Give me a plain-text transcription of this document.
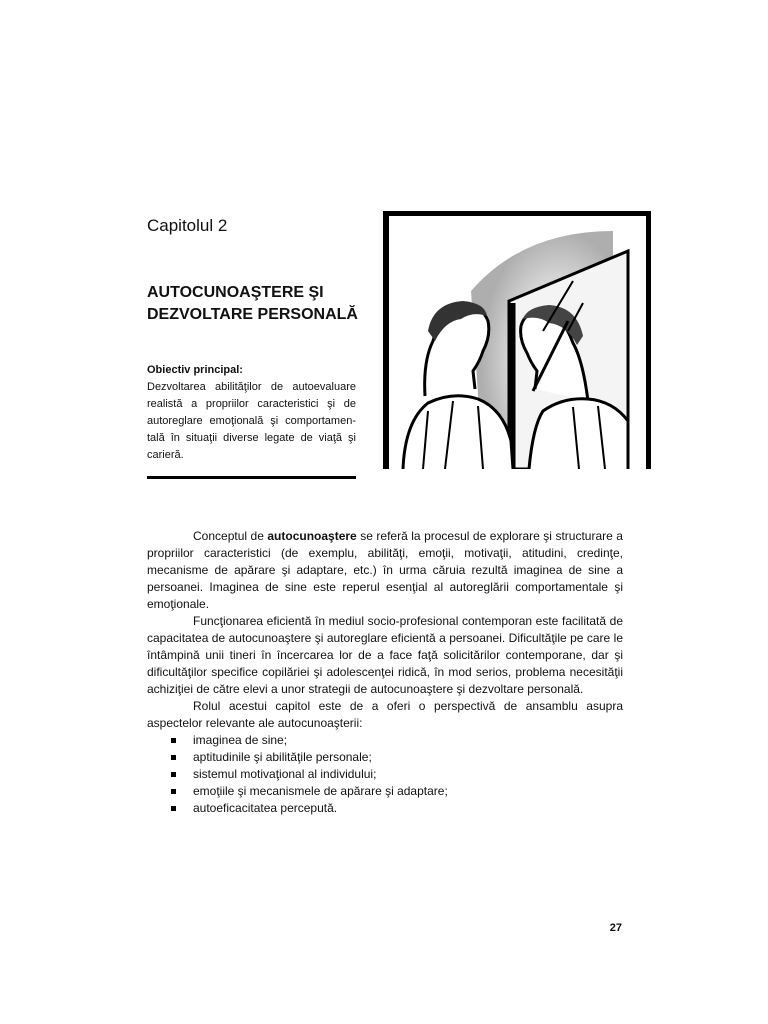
Capitolul 2
AUTOCUNOAŞTERE ŞI
DEZVOLTARE PERSONALĂ
Obiectiv principal:
Dezvoltarea abilităţilor de autoevaluare realistă a propriilor caracteristici şi de autoreglare emoţională şi comportamen-tală în situaţii diverse legate de viaţă şi carieră.

Conceptul de autocunoaştere se referă la procesul de explorare şi structurare a propriilor caracteristici (de exemplu, abilităţi, emoţii, motivaţii, atitudini, credinţe, mecanisme de apărare şi adaptare, etc.) în urma căruia rezultă imaginea de sine a persoanei. Imaginea de sine este reperul esenţial al autoreglării comportamentale şi emoţionale.

Funcţionarea eficientă în mediul socio-profesional contemporan este facilitată de capacitatea de autocunoaştere şi autoreglare eficientă a persoanei. Dificultăţile pe care le întâmpină unii tineri în încercarea lor de a face faţă solicitărilor contemporane, dar şi dificultăţilor specifice copilăriei şi adolescenţei ridică, în mod serios, problema necesităţii achiziţiei de către elevi a unor strategii de autocunoaştere şi dezvoltare personală.

Rolul acestui capitol este de a oferi o perspectivă de ansamblu asupra aspectelor relevante ale autocunoaşterii:

imaginea de sine;
aptitudinile şi abilităţile personale;
sistemul motivaţional al individului;
emoţiile şi mecanismele de apărare şi adaptare;
autoeficacitatea percepută.
27
